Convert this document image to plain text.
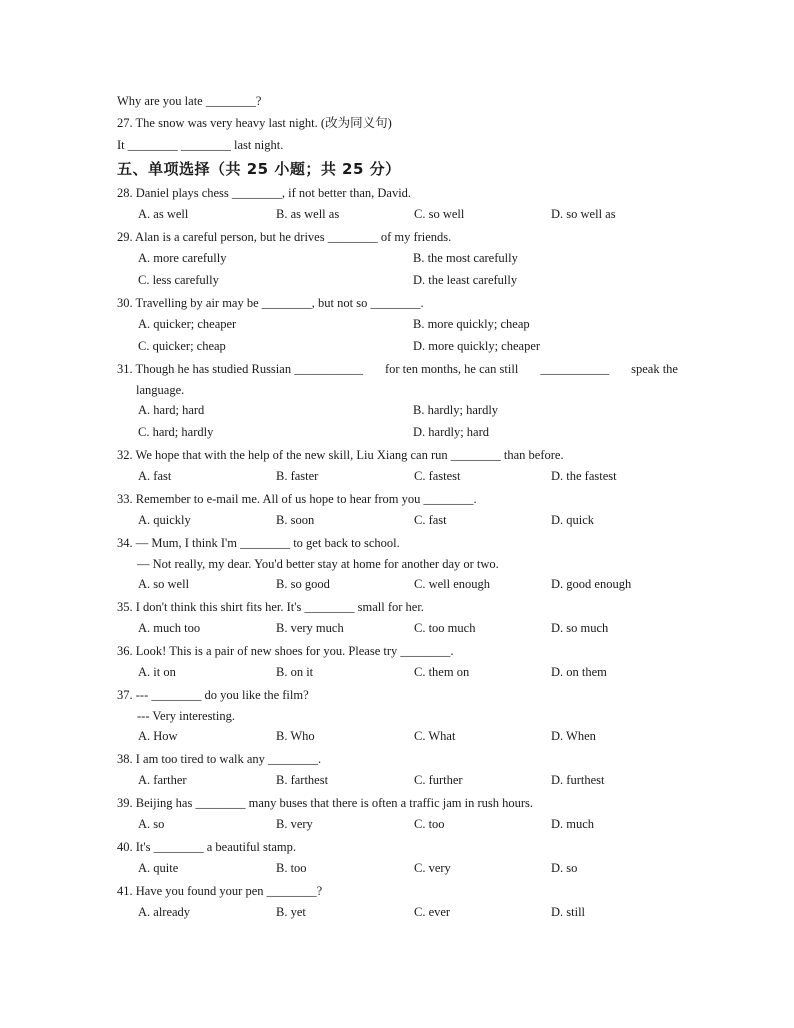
Why are you late ________?
27. The snow was very heavy last night. (改为同义句)
It ________ ________ last night.
五、单项选择（共 25 小题；共 25 分）
28. Daniel plays chess ________, if not better than, David.
A. as well	B. as well as	C. so well	D. so well as
29. Alan is a careful person, but he drives ________ of my friends.
A. more carefully	B. the most carefully
C. less carefully	D. the least carefully
30. Travelling by air may be ________, but not so ________.
A. quicker; cheaper	B. more quickly; cheap
C. quicker; cheap	D. more quickly; cheaper
31. Though he has studied Russian ___________ for ten months, he can still ___________ speak the
language.
A. hard; hard	B. hardly; hardly
C. hard; hardly	D. hardly; hard
32. We hope that with the help of the new skill, Liu Xiang can run ________ than before.
A. fast	B. faster	C. fastest	D. the fastest
33. Remember to e-mail me. All of us hope to hear from you ________.
A. quickly	B. soon	C. fast	D. quick
34. — Mum, I think I'm ________ to get back to school.
— Not really, my dear. You'd better stay at home for another day or two.
A. so well	B. so good	C. well enough	D. good enough
35. I don't think this shirt fits her. It's ________ small for her.
A. much too	B. very much	C. too much	D. so much
36. Look! This is a pair of new shoes for you. Please try ________.
A. it on	B. on it	C. them on	D. on them
37. --- ________ do you like the film?
--- Very interesting.
A. How	B. Who	C. What	D. When
38. I am too tired to walk any ________.
A. farther	B. farthest	C. further	D. furthest
39. Beijing has ________ many buses that there is often a traffic jam in rush hours.
A. so	B. very	C. too	D. much
40. It's ________ a beautiful stamp.
A. quite	B. too	C. very	D. so
41. Have you found your pen ________?
A. already	B. yet	C. ever	D. still
